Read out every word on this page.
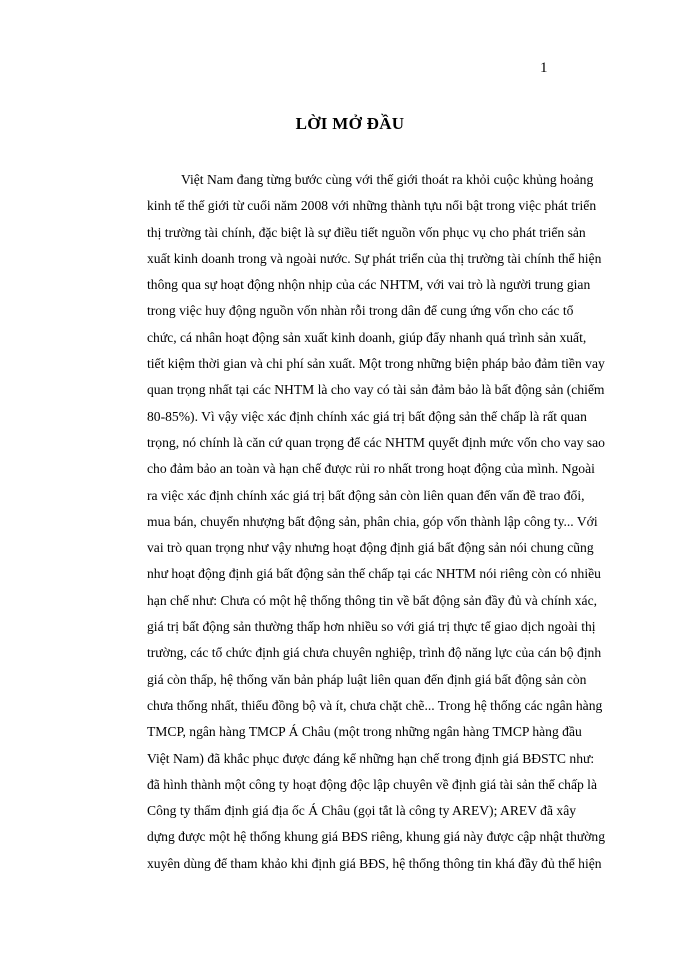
1
LỜI MỞ ĐẦU
Việt Nam đang từng bước cùng với thế giới thoát ra khỏi cuộc khủng hoảng
kinh tế thế giới từ cuối năm 2008 với những thành tựu nổi bật trong việc phát triển
thị trường tài chính, đặc biệt là sự điều tiết nguồn vốn phục vụ cho phát triển sản
xuất kinh doanh trong và ngoài nước. Sự phát triển của thị trường tài chính thể hiện
thông qua sự hoạt động nhộn nhịp của các NHTM, với vai trò là người trung gian
trong việc huy động nguồn vốn nhàn rỗi trong dân để cung ứng vốn cho các tổ
chức, cá nhân hoạt động sản xuất kinh doanh, giúp đẩy nhanh quá trình sản xuất,
tiết kiệm thời gian và chi phí sản xuất. Một trong những biện pháp bảo đảm tiền vay
quan trọng nhất tại các NHTM là cho vay có tài sản đảm bảo là bất động sản (chiếm
80-85%). Vì vậy việc xác định chính xác giá trị bất động sản thế chấp là rất quan
trọng, nó chính là căn cứ quan trọng để các NHTM quyết định mức vốn cho vay sao
cho đảm bảo an toàn và hạn chế được rủi ro nhất trong hoạt động của mình. Ngoài
ra việc xác định chính xác giá trị bất động sản còn liên quan đến vấn đề trao đổi,
mua bán, chuyển nhượng bất động sản, phân chia, góp vốn thành lập công ty... Với
vai trò quan trọng như vậy nhưng hoạt động định giá bất động sản nói chung cũng
như hoạt động định giá bất động sản thế chấp tại các NHTM nói riêng còn có nhiều
hạn chế như: Chưa có một hệ thống thông tin về bất động sản đầy đủ và chính xác,
giá trị bất động sản thường thấp hơn nhiều so với giá trị thực tế giao dịch ngoài thị
trường, các tổ chức định giá chưa chuyên nghiệp, trình độ năng lực của cán bộ định
giá còn thấp, hệ thống văn bản pháp luật liên quan đến định giá bất động sản còn
chưa thống nhất, thiếu đồng bộ và ít, chưa chặt chẽ... Trong hệ thống các ngân hàng
TMCP, ngân hàng TMCP Á Châu (một trong những ngân hàng TMCP hàng đầu
Việt Nam) đã khắc phục được đáng kể những hạn chế trong định giá BĐSTC như:
đã hình thành một công ty hoạt động độc lập chuyên về định giá tài sản thế chấp là
Công ty thẩm định giá địa ốc Á Châu (gọi tắt là công ty AREV); AREV đã xây
dựng được một hệ thống khung giá BĐS riêng, khung giá này được cập nhật thường
xuyên dùng để tham khảo khi định giá BĐS, hệ thống thông tin khá đầy đủ thể hiện
